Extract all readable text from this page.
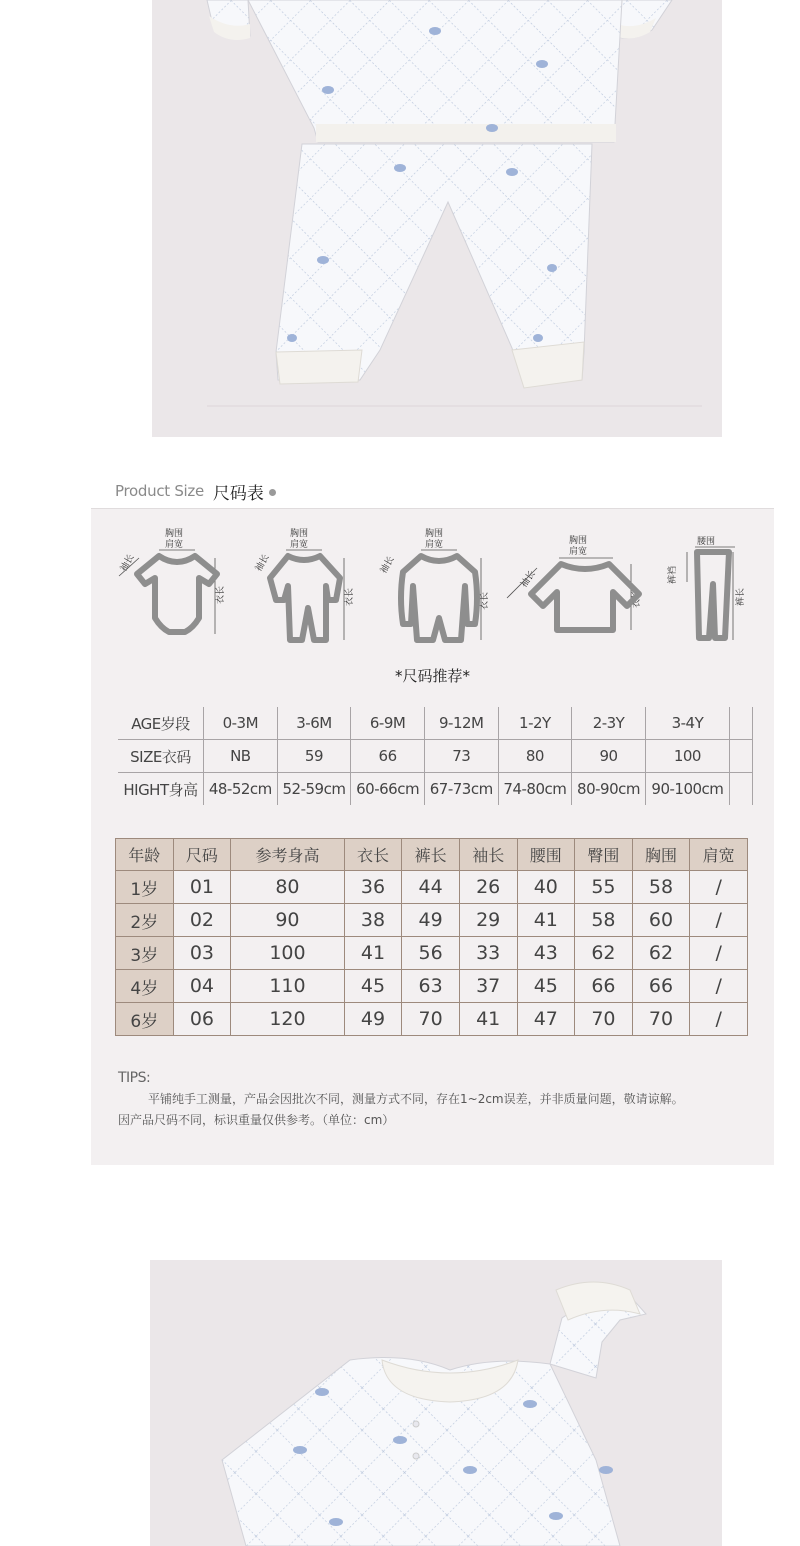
Product Size 尺码表
胸围
肩宽
袖长
衣长
胸围
肩宽
袖长
衣长
胸围
肩宽
袖长
衣长
胸围
肩宽
袖长
衣长
腰围
裤裆
裤长
*尺码推荐*
AGE岁段	0-3M	3-6M	6-9M	9-12M	1-2Y	2-3Y	3-4Y	
SIZE衣码	NB	59	66	73	80	90	100	
HIGHT身高	48-52cm	52-59cm	60-66cm	67-73cm	74-80cm	80-90cm	90-100cm	
年龄	尺码	参考身高	衣长	裤长	袖长	腰围	臀围	胸围	肩宽
1岁	01	80	36	44	26	40	55	58	/
2岁	02	90	38	49	29	41	58	60	/
3岁	03	100	41	56	33	43	62	62	/
4岁	04	110	45	63	37	45	66	66	/
6岁	06	120	49	70	41	47	70	70	/
TIPS:
平铺纯手工测量，产品会因批次不同，测量方式不同，存在1~2cm误差，并非质量问题，敬请谅解。
因产品尺码不同，标识重量仅供参考。（单位：cm）
